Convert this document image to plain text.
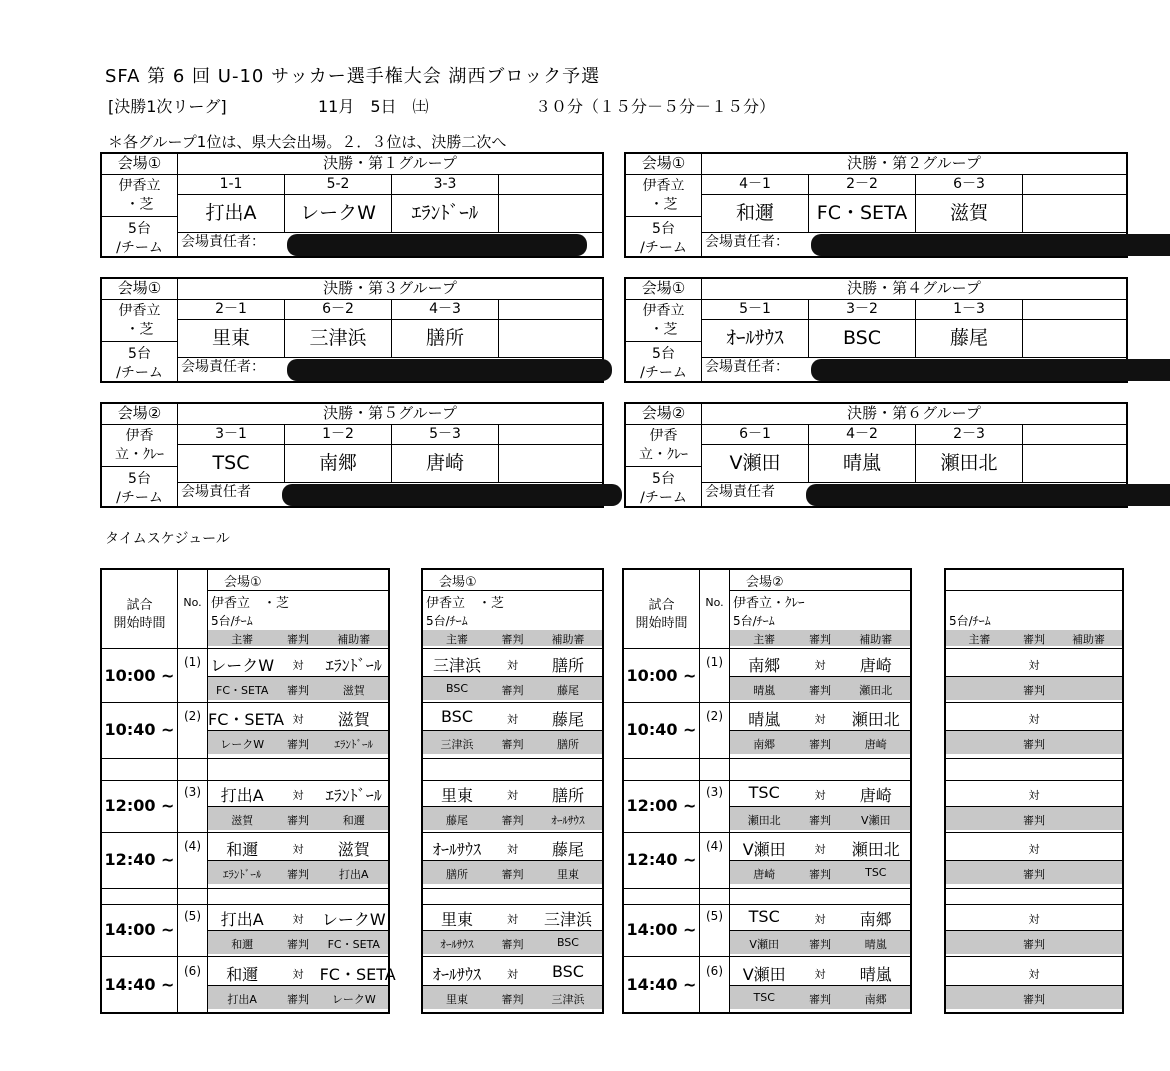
SFA 第 6 回 U-10 サッカー選手権大会 湖西ブロック予選
[決勝1次リーグ]	11月　5日　㈯	３０分（１５分－５分－１５分）
＊各グループ1位は、県大会出場。２．３位は、決勝二次へ
会場①	決勝・第１グループ
伊香立
・芝
5台
/チーム
1-1	5-2	3-3
打出A	レークW	ｴﾗﾝﾄﾞｰﾙ
会場責任者：
会場①	決勝・第２グループ
伊香立
・芝
5台
/チーム
4－1	2－2	6－3
和邇	FC・SETA	滋賀
会場責任者：
会場①	決勝・第３グループ
伊香立
・芝
5台
/チーム
2－1	6－2	4－3
里東	三津浜	膳所
会場責任者：
会場①	決勝・第４グループ
伊香立
・芝
5台
/チーム
5－1	3－2	1－3
ｵｰﾙｻｳｽ	BSC	藤尾
会場責任者：
会場②	決勝・第５グループ
伊香
立・ｸﾚｰ
5台
/チーム
3－1	1－2	5－3
TSC	南郷	唐崎
会場責任者
会場②	決勝・第６グループ
伊香
立・ｸﾚｰ
5台
/チーム
6－1	4－2	2－3
V瀬田	晴嵐	瀬田北
会場責任者
タイムスケジュール
試合
開始時間
No.
会場①
伊香立　・芝
5台/ﾁｰﾑ
主審	審判	補助審
10:00 ~
(1) レークW	対	ｴﾗﾝﾄﾞｰﾙ
FC・SETA	審判	滋賀
10:40 ~
(2) FC・SETA 対	滋賀
レークW	審判	ｴﾗﾝﾄﾞｰﾙ
12:00 ~
(3)	打出A	対	ｴﾗﾝﾄﾞｰﾙ
滋賀	審判	和邇
12:40 ~
(4)	和邇	対	滋賀
ｴﾗﾝﾄﾞｰﾙ	審判	打出A
14:00 ~
(5)	打出A	対	レークW
和邇	審判	FC・SETA
14:40 ~
(6)	和邇	対	FC・SETA
打出A	審判	レークW
会場①
伊香立　・芝
5台/ﾁｰﾑ
主審	審判	補助審
三津浜	対	膳所
BSC	審判	藤尾
BSC	対	藤尾
三津浜	審判	膳所
里東	対	膳所
藤尾	審判	ｵｰﾙｻｳｽ
ｵｰﾙｻｳｽ	対	藤尾
膳所	審判	里東
里東	対	三津浜
ｵｰﾙｻｳｽ	審判	BSC
ｵｰﾙｻｳｽ	対	BSC
里東	審判	三津浜
試合
開始時間
No.
会場②
伊香立・ｸﾚｰ
5台/ﾁｰﾑ
主審	審判	補助審
10:00 ~
(1)	南郷	対	唐崎
晴嵐	審判	瀬田北
10:40 ~
(2)	晴嵐	対	瀬田北
南郷	審判	唐崎
12:00 ~
(3)	TSC	対	唐崎
瀬田北	審判	V瀬田
12:40 ~
(4)	V瀬田	対	瀬田北
唐崎	審判	TSC
14:00 ~
(5)	TSC	対	南郷
V瀬田	審判	晴嵐
14:40 ~
(6)	V瀬田	対	晴嵐
TSC	審判	南郷
5台/ﾁｰﾑ
主審	審判	補助審
対
審判
対
審判
対
審判
対
審判
対
審判
対
審判
